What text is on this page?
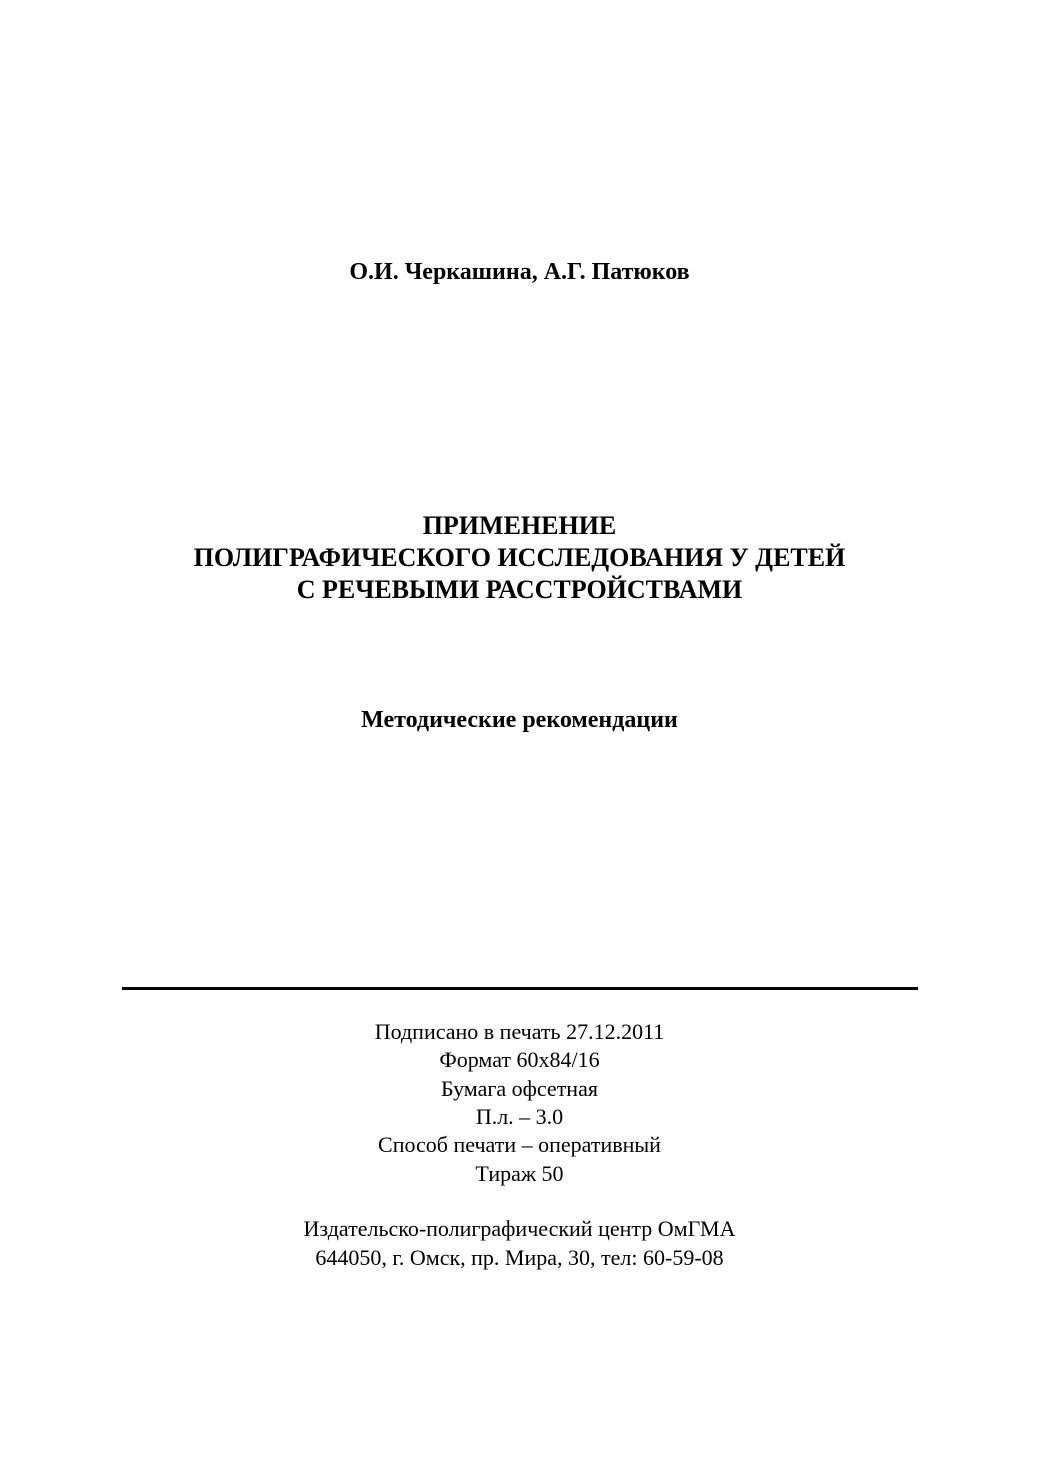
О.И. Черкашина, А.Г. Патюков
ПРИМЕНЕНИЕ
ПОЛИГРАФИЧЕСКОГО ИССЛЕДОВАНИЯ У ДЕТЕЙ
С РЕЧЕВЫМИ РАССТРОЙСТВАМИ
Методические рекомендации
Подписано в печать 27.12.2011
Формат 60х84/16
Бумага офсетная
П.л. – 3.0
Способ печати – оперативный
Тираж 50
Издательско-полиграфический центр ОмГМА
644050, г. Омск, пр. Мира, 30, тел: 60-59-08
